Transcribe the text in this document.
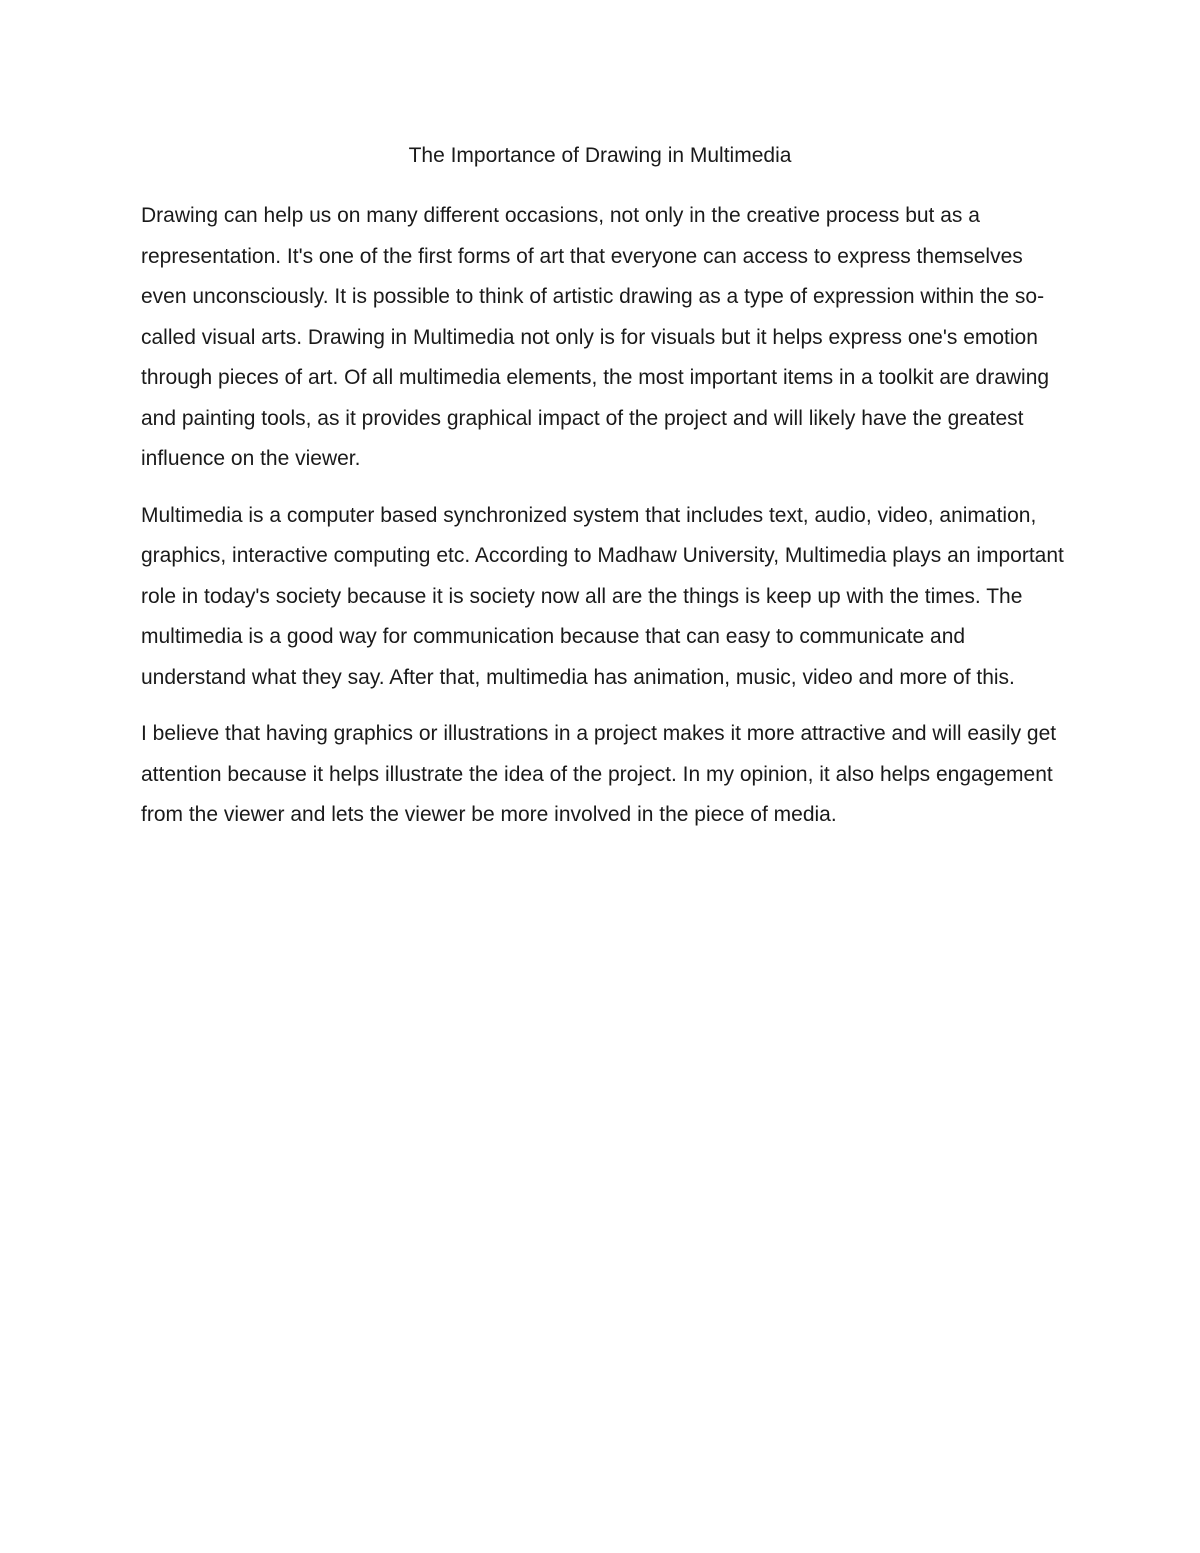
The Importance of Drawing in Multimedia

Drawing can help us on many different occasions, not only in the creative process but as a representation. It's one of the first forms of art that everyone can access to express themselves even unconsciously. It is possible to think of artistic drawing as a type of expression within the so-called visual arts. Drawing in Multimedia not only is for visuals but it helps express one's emotion through pieces of art. Of all multimedia elements, the most important items in a toolkit are drawing and painting tools, as it provides graphical impact of the project and will likely have the greatest influence on the viewer.

Multimedia is a computer based synchronized system that includes text, audio, video, animation, graphics, interactive computing etc. According to Madhaw University, Multimedia plays an important role in today's society because it is society now all are the things is keep up with the times. The multimedia is a good way for communication because that can easy to communicate and understand what they say. After that, multimedia has animation, music, video and more of this.

I believe that having graphics or illustrations in a project makes it more attractive and will easily get attention because it helps illustrate the idea of the project. In my opinion, it also helps engagement from the viewer and lets the viewer be more involved in the piece of media.
